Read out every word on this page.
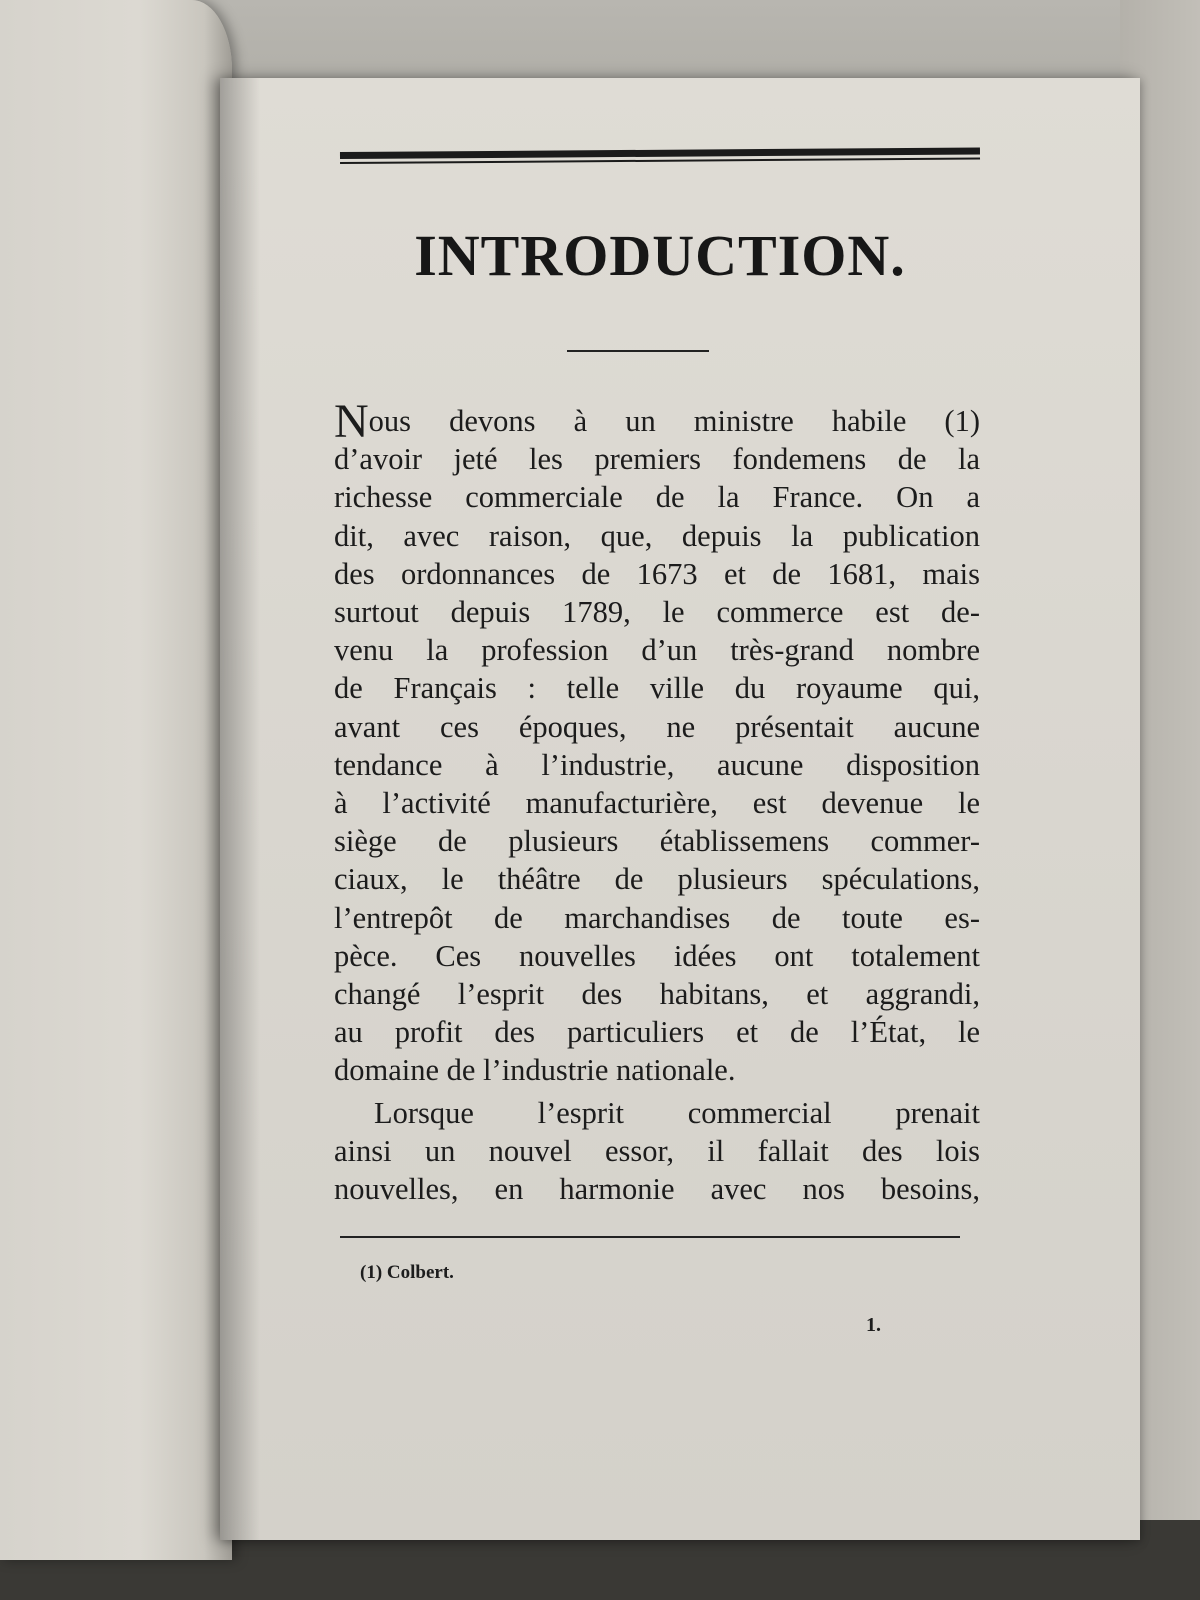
INTRODUCTION.
Nous devons à un ministre habile (1)
d’avoir jeté les premiers fondemens de la
richesse commerciale de la France. On a
dit, avec raison, que, depuis la publication
des ordonnances de 1673 et de 1681, mais
surtout depuis 1789, le commerce est de-
venu la profession d’un très-grand nombre
de Français : telle ville du royaume qui,
avant ces époques, ne présentait aucune
tendance à l’industrie, aucune disposition
à l’activité manufacturière, est devenue le
siège de plusieurs établissemens commer-
ciaux, le théâtre de plusieurs spéculations,
l’entrepôt de marchandises de toute es-
pèce. Ces nouvelles idées ont totalement
changé l’esprit des habitans, et aggrandi,
au profit des particuliers et de l’État, le
domaine de l’industrie nationale.
Lorsque l’esprit commercial prenait
ainsi un nouvel essor, il fallait des lois
nouvelles, en harmonie avec nos besoins,
(1) Colbert.
1.
